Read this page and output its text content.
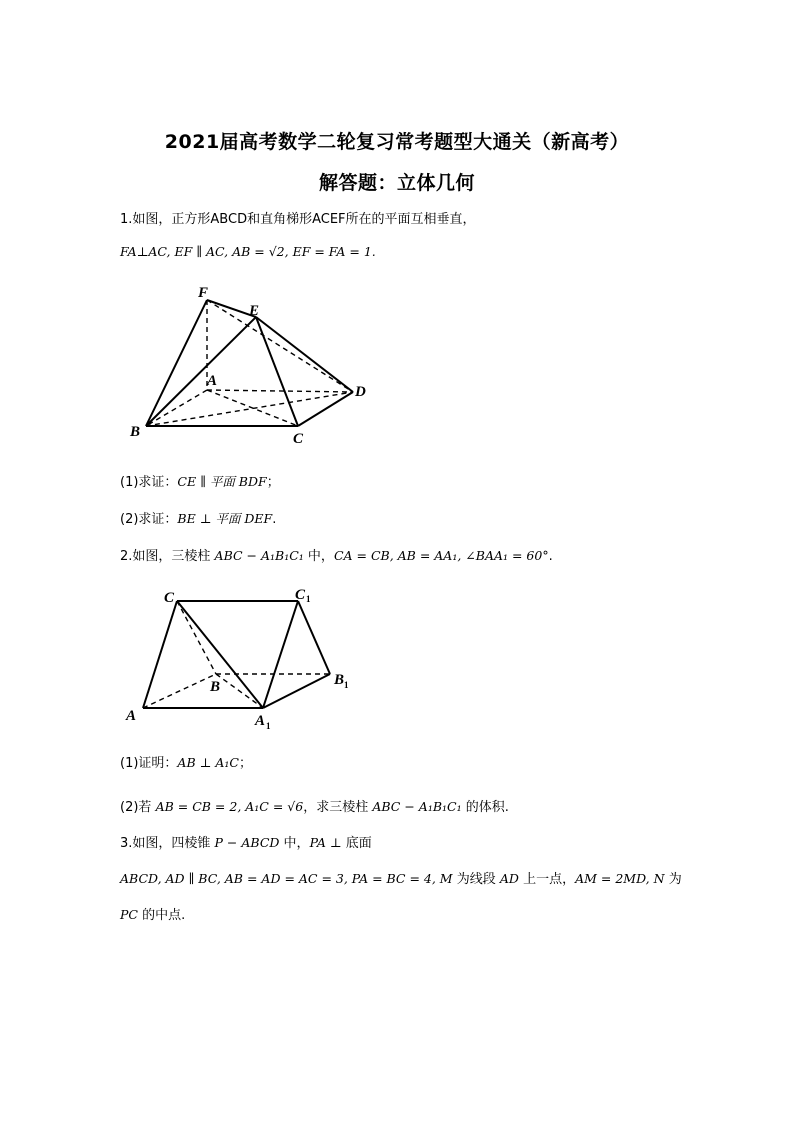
2021届高考数学二轮复习常考题型大通关（新高考）
解答题：立体几何
1.如图，正方形ABCD和直角梯形ACEF所在的平面互相垂直，
FA⊥AC, EF ∥ AC, AB = √2, EF = FA = 1.
F
E
A
D
B	C
(1)求证：CE ∥ 平面 BDF；
(2)求证：BE ⊥ 平面 DEF.
2.如图，三棱柱 ABC − A₁B₁C₁ 中，CA = CB, AB = AA₁, ∠BAA₁ = 60°.
C	C 1
B	B 1
A	A 1
(1)证明：AB ⊥ A₁C；
(2)若 AB = CB = 2, A₁C = √6，求三棱柱 ABC − A₁B₁C₁ 的体积.
3.如图，四棱锥 P − ABCD 中，PA ⊥ 底面
ABCD, AD ∥ BC, AB = AD = AC = 3, PA = BC = 4, M 为线段 AD 上一点，AM = 2MD, N 为
PC 的中点.
